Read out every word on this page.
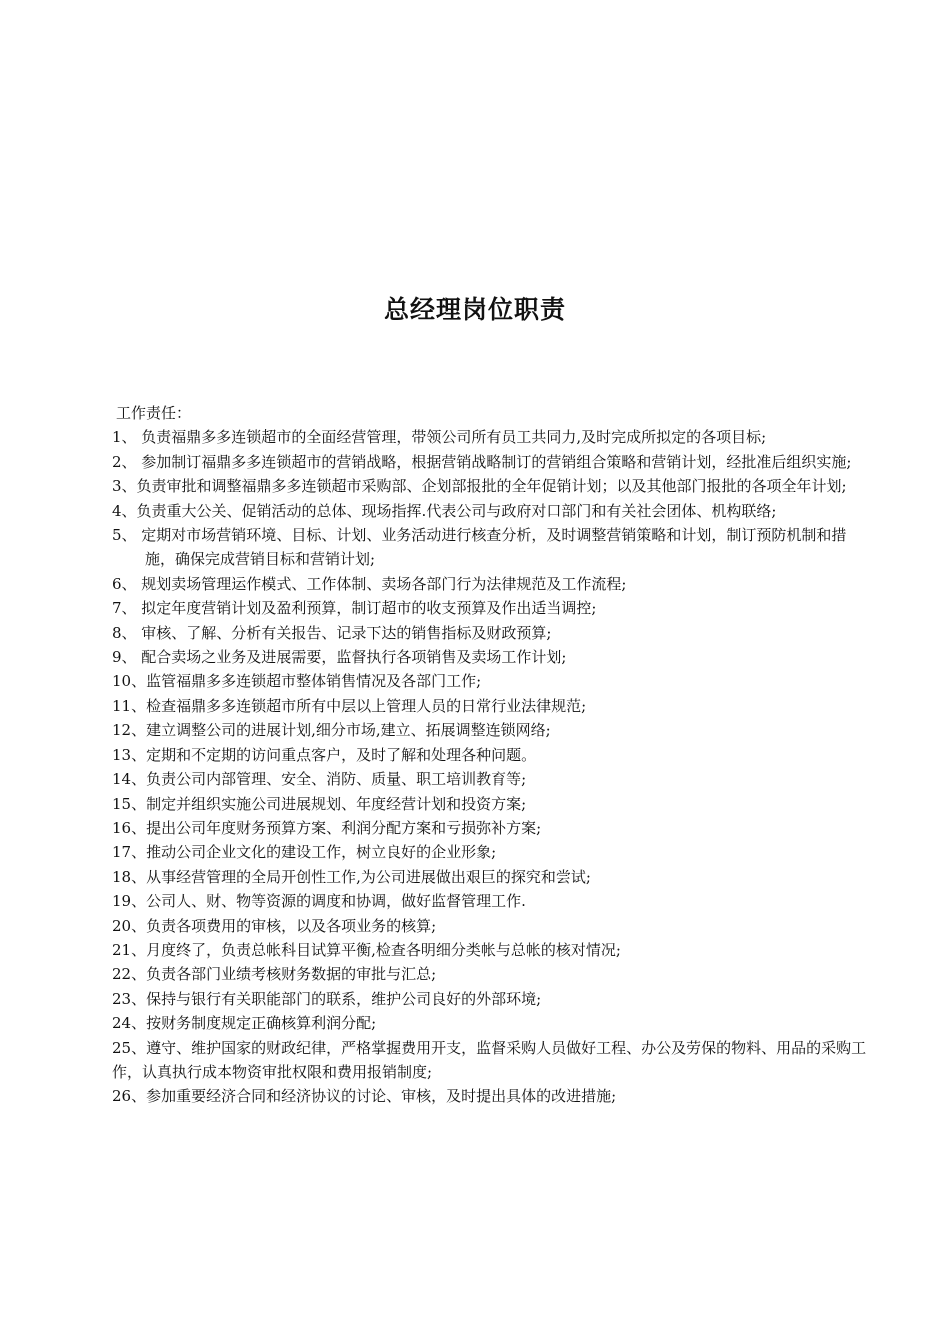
总经理岗位职责
工作责任：
1、 负责福鼎多多连锁超市的全面经营管理，带领公司所有员工共同力,及时完成所拟定的各项目标;
2、 参加制订福鼎多多连锁超市的营销战略，根据营销战略制订的营销组合策略和营销计划，经批准后组织实施;
3、负责审批和调整福鼎多多连锁超市采购部、企划部报批的全年促销计划；以及其他部门报批的各项全年计划;
4、负责重大公关、促销活动的总体、现场指挥.代表公司与政府对口部门和有关社会团体、机构联络;
5、 定期对市场营销环境、目标、计划、业务活动进行核查分析，及时调整营销策略和计划，制订预防机制和措施，确保完成营销目标和营销计划;
6、 规划卖场管理运作模式、工作体制、卖场各部门行为法律规范及工作流程;
7、 拟定年度营销计划及盈利预算，制订超市的收支预算及作出适当调控;
8、 审核、了解、分析有关报告、记录下达的销售指标及财政预算;
9、 配合卖场之业务及进展需要，监督执行各项销售及卖场工作计划;
10、监管福鼎多多连锁超市整体销售情况及各部门工作;
11、检查福鼎多多连锁超市所有中层以上管理人员的日常行业法律规范;
12、建立调整公司的进展计划,细分市场,建立、拓展调整连锁网络;
13、定期和不定期的访问重点客户，及时了解和处理各种问题。
14、负责公司内部管理、安全、消防、质量、职工培训教育等;
15、制定并组织实施公司进展规划、年度经营计划和投资方案;
16、提出公司年度财务预算方案、利润分配方案和亏损弥补方案;
17、推动公司企业文化的建设工作，树立良好的企业形象;
18、从事经营管理的全局开创性工作,为公司进展做出艰巨的探究和尝试;
19、公司人、财、物等资源的调度和协调，做好监督管理工作.
20、负责各项费用的审核，以及各项业务的核算;
21、月度终了，负责总帐科目试算平衡,检查各明细分类帐与总帐的核对情况;
22、负责各部门业绩考核财务数据的审批与汇总;
23、保持与银行有关职能部门的联系，维护公司良好的外部环境;
24、按财务制度规定正确核算利润分配;
25、遵守、维护国家的财政纪律，严格掌握费用开支，监督采购人员做好工程、办公及劳保的物料、用品的采购工作，认真执行成本物资审批权限和费用报销制度;
26、参加重要经济合同和经济协议的讨论、审核，及时提出具体的改进措施;
